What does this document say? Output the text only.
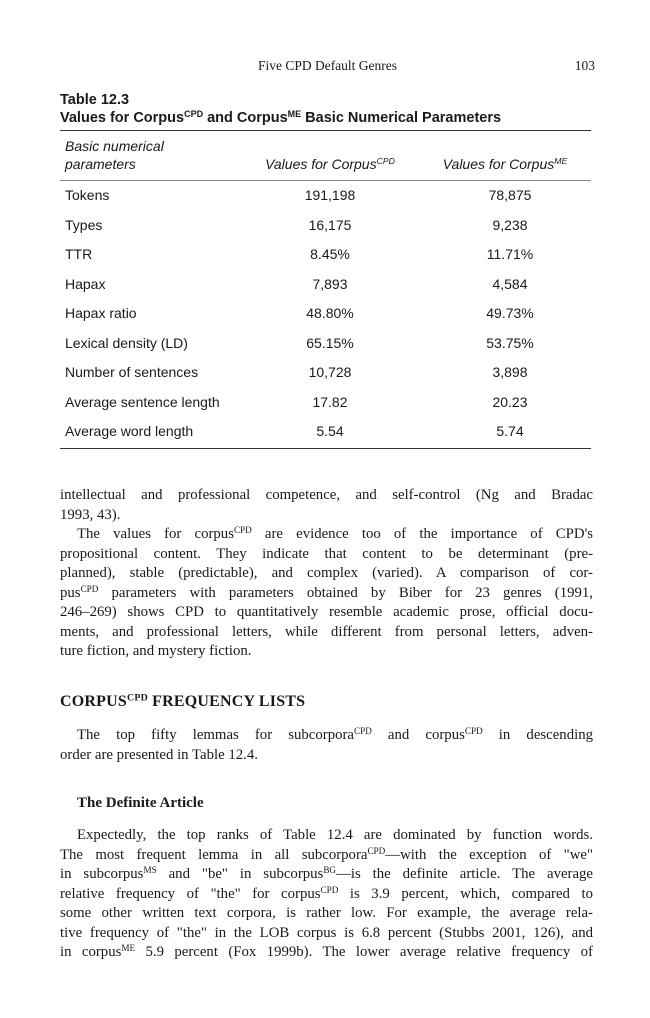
Five CPD Default Genres	103
Table 12.3
Values for Corpus$^{CPD}$ and Corpus$^{ME}$ Basic Numerical Parameters
Basic numerical
parameters	Values for Corpus$^{CPD}$	Values for Corpus$^{ME}$
Tokens	191,198	78,875
Types	16,175	9,238
TTR	8.45%	11.71%
Hapax	7,893	4,584
Hapax ratio	48.80%	49.73%
Lexical density (LD)	65.15%	53.75%
Number of sentences	10,728	3,898
Average sentence length	17.82	20.23
Average word length	5.54	5.74
intellectual and professional competence, and self-control (Ng and Bradac
1993, 43).
The values for corpus$^{CPD}$ are evidence too of the importance of CPD's
propositional content. They indicate that content to be determinant (pre-
planned), stable (predictable), and complex (varied). A comparison of cor-
pus$^{CPD}$ parameters with parameters obtained by Biber for 23 genres (1991,
246–269) shows CPD to quantitatively resemble academic prose, official docu-
ments, and professional letters, while different from personal letters, adven-
ture fiction, and mystery fiction.
$CORPUS^{CPD}$ FREQUENCY LISTS
The top fifty lemmas for subcorpora$^{CPD}$ and corpus$^{CPD}$ in descending
order are presented in Table 12.4.
The Definite Article
Expectedly, the top ranks of Table 12.4 are dominated by function words.
The most frequent lemma in all subcorpora$^{CPD}$—with the exception of "we"
in subcorpus$^{MS}$ and "be" in subcorpus$^{BG}$—is the definite article. The average
relative frequency of "the" for corpus$^{CPD}$ is 3.9 percent, which, compared to
some other written text corpora, is rather low. For example, the average rela-
tive frequency of "the" in the LOB corpus is 6.8 percent (Stubbs 2001, 126), and
in corpus$^{ME}$ 5.9 percent (Fox 1999b). The lower average relative frequency of
